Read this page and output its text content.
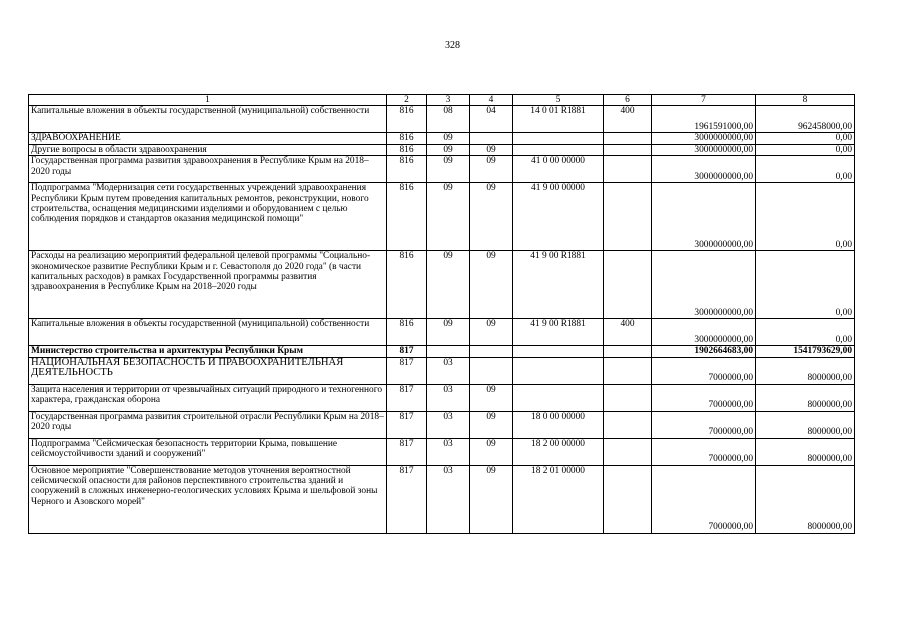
328
1	2	3	4	5	6	7	8
Капитальные вложения в объекты государственной (муниципальной) собственности	816	08	04	14 0 01 R1881	400	1961591000,00	962458000,00
ЗДРАВООХРАНЕНИЕ	816	09				3000000000,00	0,00
Другие вопросы в области здравоохранения	816	09	09			3000000000,00	0,00
Государственная программа развития здравоохранения в Республике Крым на 2018–2020 годы	816	09	09	41 0 00 00000		3000000000,00	0,00
Подпрограмма "Модернизация сети государственных учреждений здравоохранения Республики Крым путем проведения капитальных ремонтов, реконструкции, нового строительства, оснащения медицинскими изделиями и оборудованием с целью соблюдения порядков и стандартов оказания медицинской помощи"	816	09	09	41 9 00 00000		3000000000,00	0,00
Расходы на реализацию мероприятий федеральной целевой программы "Социально-экономическое развитие Республики Крым и г. Севастополя до 2020 года" (в части капитальных расходов) в рамках Государственной программы развития здравоохранения в Республике Крым на 2018–2020 годы	816	09	09	41 9 00 R1881		3000000000,00	0,00
Капитальные вложения в объекты государственной (муниципальной) собственности	816	09	09	41 9 00 R1881	400	3000000000,00	0,00
Министерство строительства и архитектуры Республики Крым	817					1902664683,00	1541793629,00
НАЦИОНАЛЬНАЯ БЕЗОПАСНОСТЬ И ПРАВООХРАНИТЕЛЬНАЯ ДЕЯТЕЛЬНОСТЬ	817	03				7000000,00	8000000,00
Защита населения и территории от чрезвычайных ситуаций природного и техногенного характера, гражданская оборона	817	03	09			7000000,00	8000000,00
Государственная программа развития строительной отрасли Республики Крым на 2018–2020 годы	817	03	09	18 0 00 00000		7000000,00	8000000,00
Подпрограмма "Сейсмическая безопасность территории Крыма, повышение сейсмоустойчивости зданий и сооружений"	817	03	09	18 2 00 00000		7000000,00	8000000,00
Основное мероприятие "Совершенствование методов уточнения вероятностной сейсмической опасности для районов перспективного строительства зданий и сооружений в сложных инженерно-геологических условиях Крыма и шельфовой зоны Черного и Азовского морей"	817	03	09	18 2 01 00000		7000000,00	8000000,00
